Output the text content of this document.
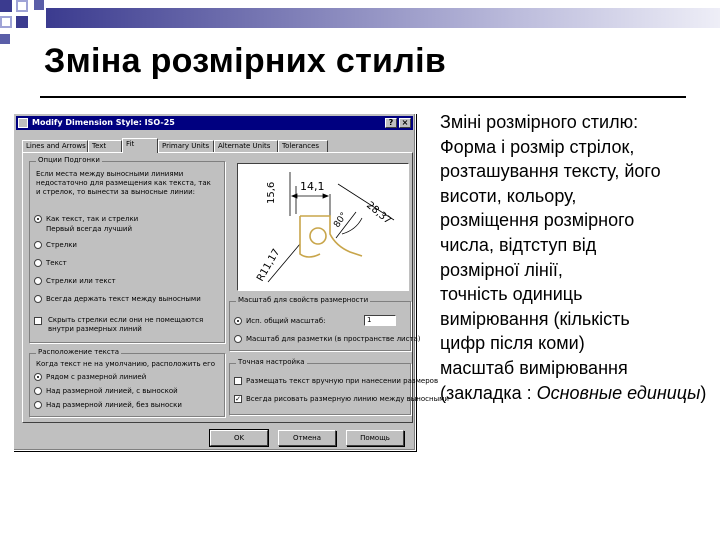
Зміна розмірних стилів
Modify Dimension Style: ISO-25	?	×
Lines and Arrows Text	Fit	Primary Units	Alternate Units	Tolerances
Опции Подгонки
Если места между выносными линиями недостаточно для размещения как текста, так и стрелок, то вынести за выносные линии:
Как текст, так и стрелки
Первый всегда лучший
Стрелки
Текст
Стрелки или текст
Всегда держать текст между выносными
Скрыть стрелки если они не помещаются внутри размерных линий
Расположение текста
Когда текст не на умолчанию, расположить его
Рядом с размерной линией
Над размерной линией, с выноской
Над размерной линией, без выноски
14,1
15,6
28,37
R11,17
80°
Масштаб для свойств размерности
Исп. общий масштаб:	1
Масштаб для разметки (в пространстве листа)
Точная настройка
Размещать текст вручную при нанесении размеров
✓ Всегда рисовать размерную линию между выносными
OK	Отмена	Помощь
Зміні розмірного стилю:
Форма і розмір стрілок,
розташування тексту, його
висоти, кольору,
розміщення розмірного
числа, відтступ від
розмірної лінії,
точність одиниць
вимірювання (кількість
цифр після коми)
масштаб вимірювання
(закладка : Основные единицы)
